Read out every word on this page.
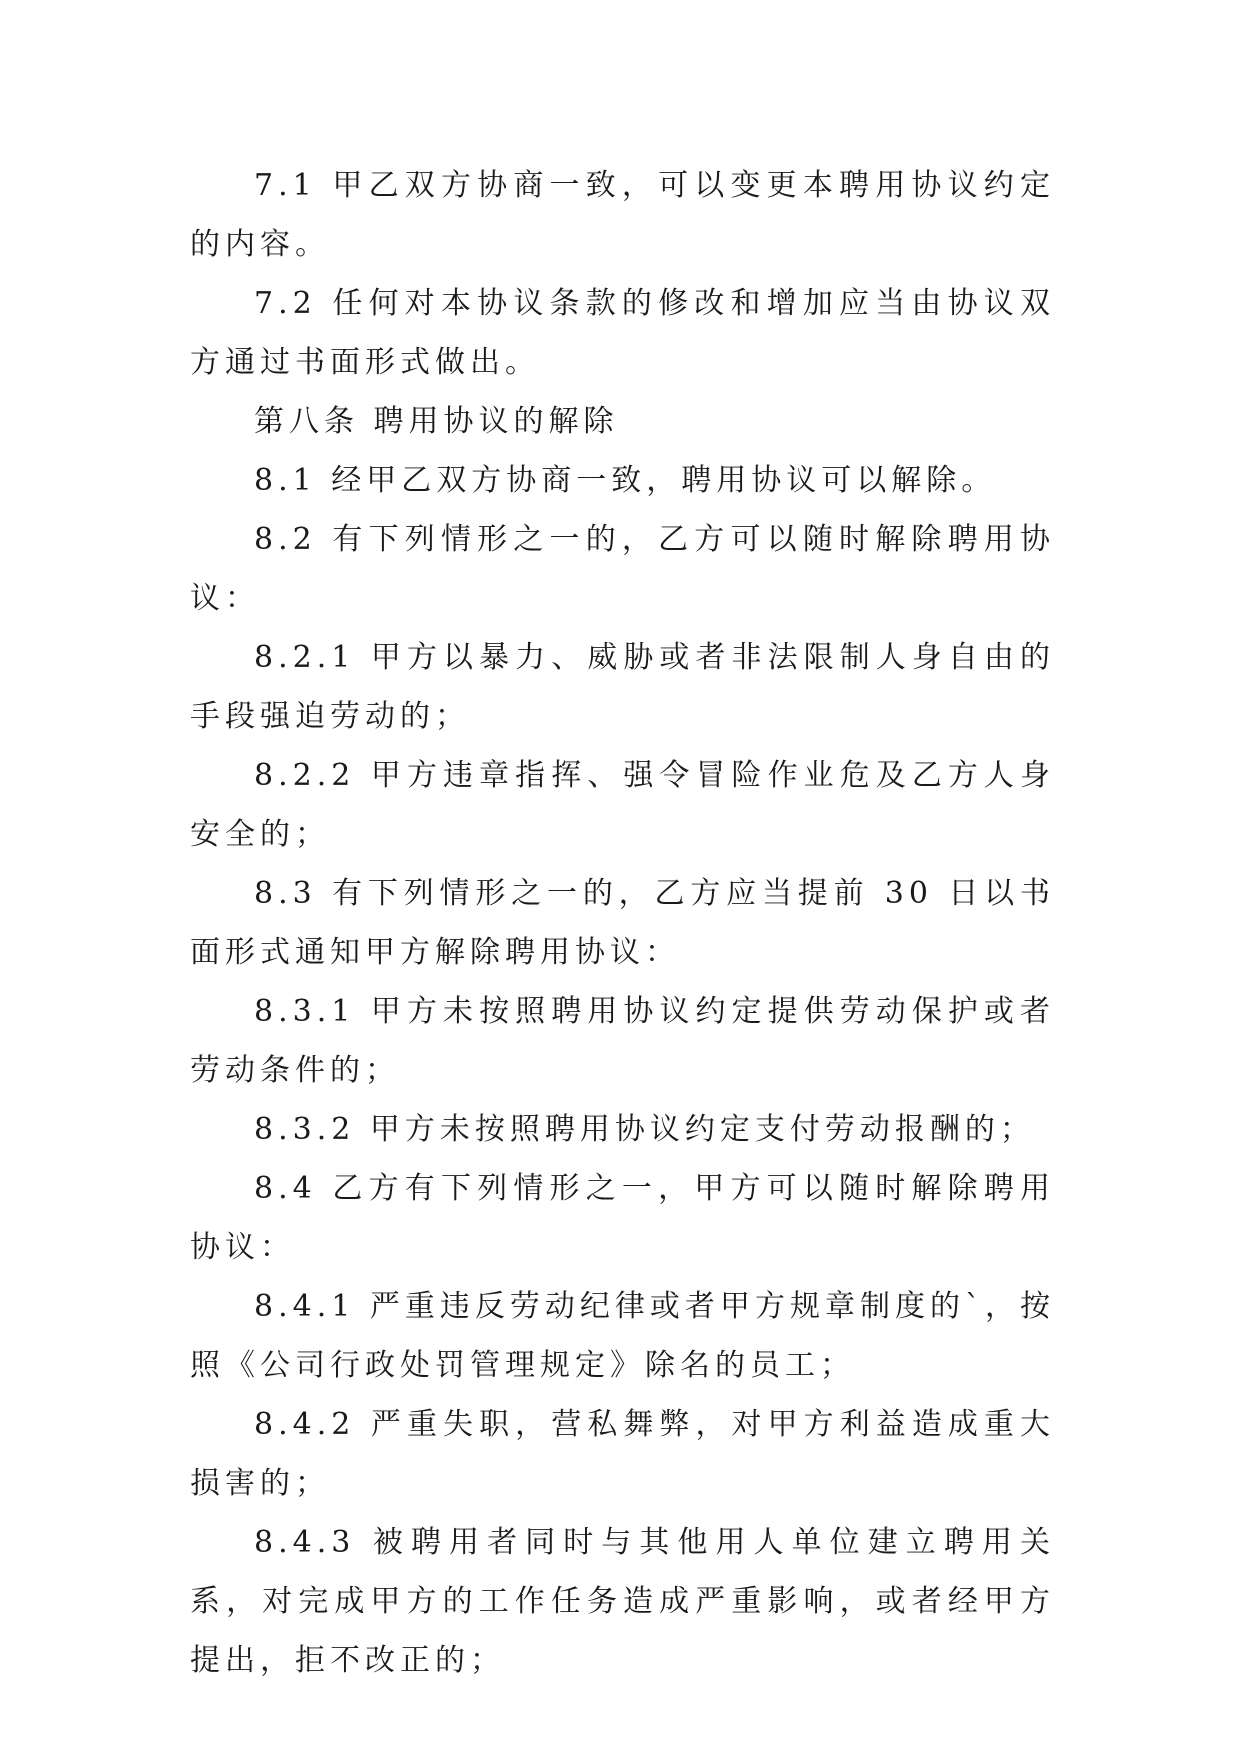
7.1 甲乙双方协商一致，可以变更本聘用协议约定的内容。

7.2 任何对本协议条款的修改和增加应当由协议双方通过书面形式做出。

第八条 聘用协议的解除

8.1 经甲乙双方协商一致，聘用协议可以解除。

8.2 有下列情形之一的，乙方可以随时解除聘用协议：

8.2.1 甲方以暴力、威胁或者非法限制人身自由的手段强迫劳动的；

8.2.2 甲方违章指挥、强令冒险作业危及乙方人身安全的；

8.3 有下列情形之一的，乙方应当提前 30 日以书面形式通知甲方解除聘用协议：

8.3.1 甲方未按照聘用协议约定提供劳动保护或者劳动条件的；

8.3.2 甲方未按照聘用协议约定支付劳动报酬的；

8.4 乙方有下列情形之一，甲方可以随时解除聘用协议：

8.4.1 严重违反劳动纪律或者甲方规章制度的`，按照《公司行政处罚管理规定》除名的员工；

8.4.2 严重失职，营私舞弊，对甲方利益造成重大损害的；

8.4.3 被聘用者同时与其他用人单位建立聘用关系，对完成甲方的工作任务造成严重影响，或者经甲方提出，拒不改正的；
